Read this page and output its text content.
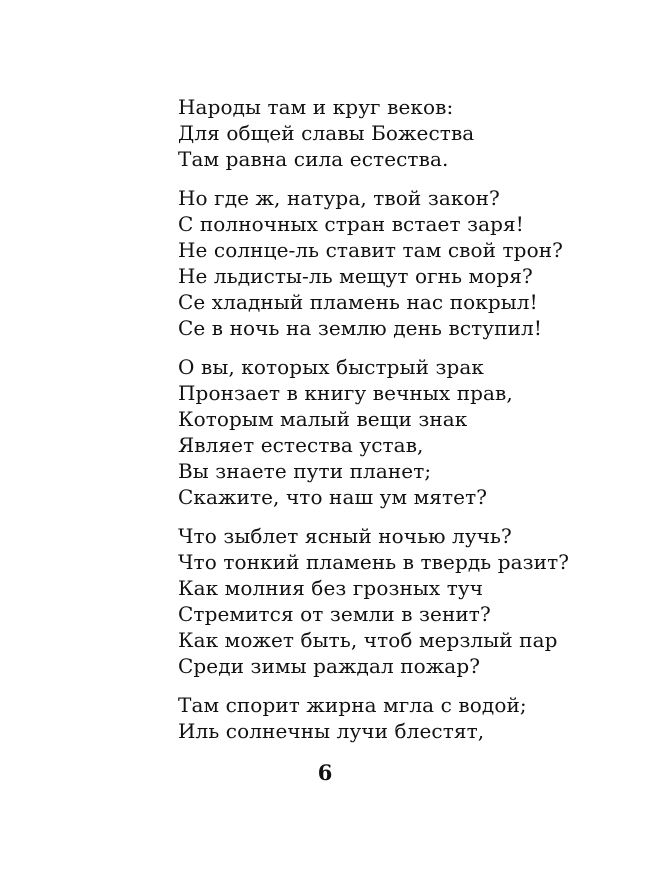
Народы там и круг веков:
Для общей славы Божества
Там равна сила естества.
Но где ж, натура, твой закон?
С полночных стран встает заря!
Не солнце-ль ставит там свой трон?
Не льдисты-ль мещут огнь моря?
Се хладный пламень нас покрыл!
Се в ночь на землю день вступил!
О вы, которых быстрый зрак
Пронзает в книгу вечных прав,
Которым малый вещи знак
Являет естества устав,
Вы знаете пути планет;
Скажите, что наш ум мятет?
Что зыблет ясный ночью лучь?
Что тонкий пламень в твердь разит?
Как молния без грозных туч
Стремится от земли в зенит?
Как может быть, чтоб мерзлый пар
Среди зимы раждал пожар?
Там спорит жирна мгла с водой;
Иль солнечны лучи блестят,
6
